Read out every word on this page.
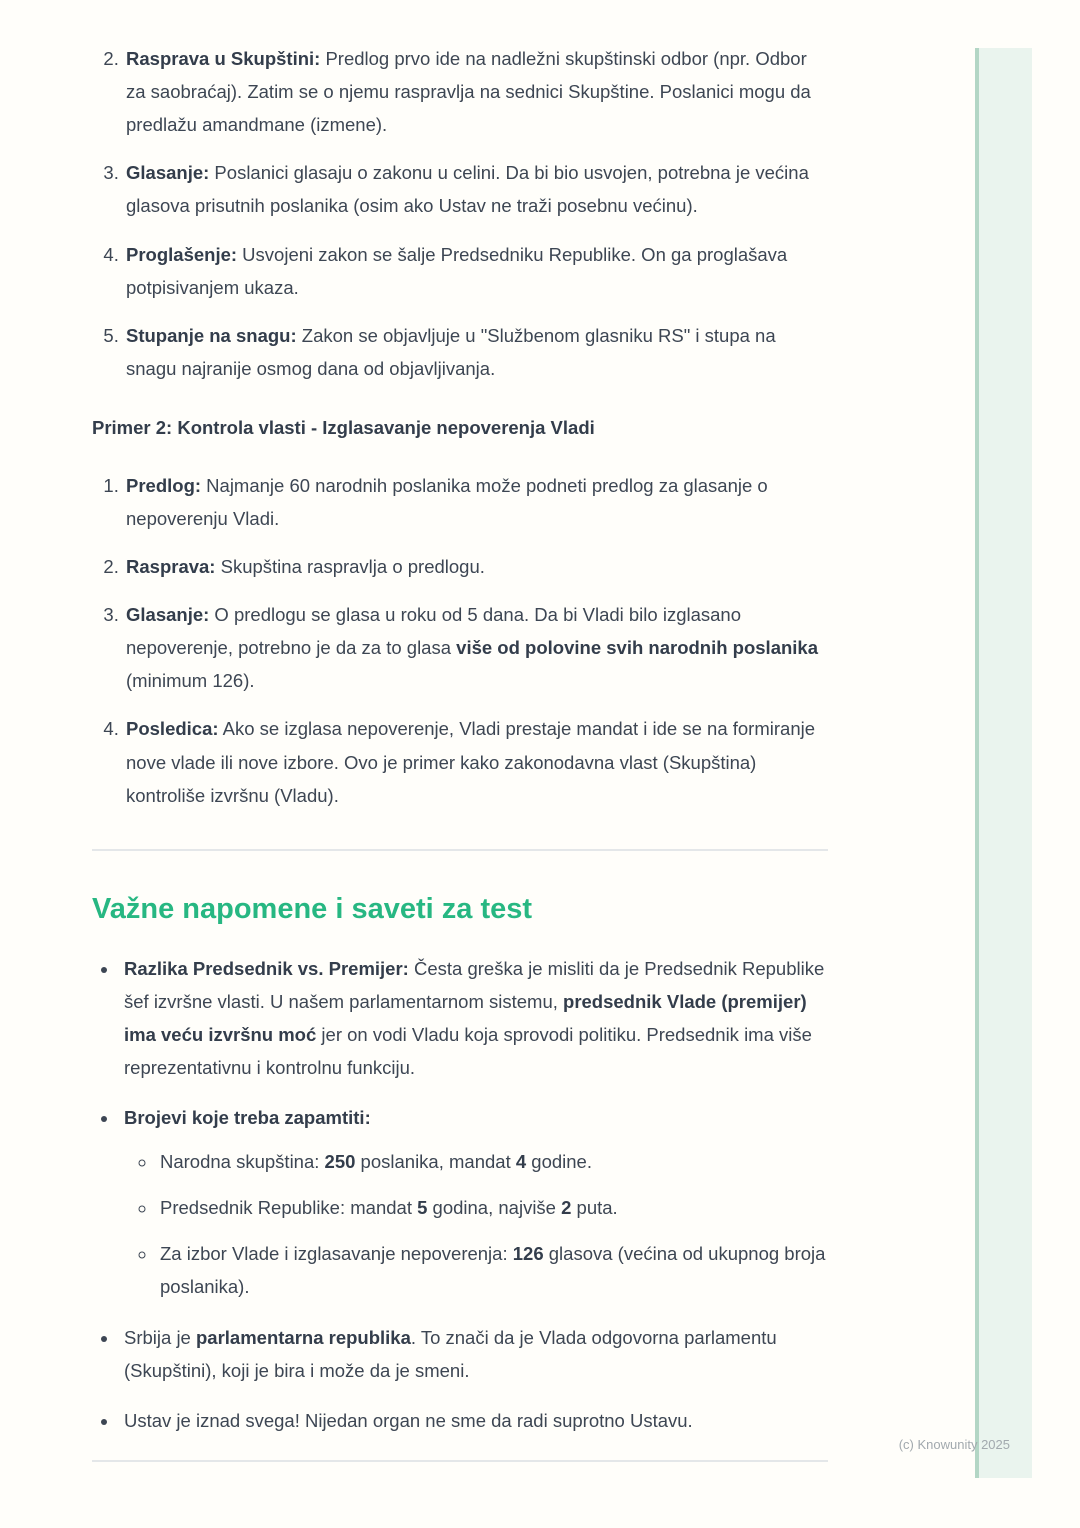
2. Rasprava u Skupštini: Predlog prvo ide na nadležni skupštinski odbor (npr. Odbor za saobraćaj). Zatim se o njemu raspravlja na sednici Skupštine. Poslanici mogu da predlažu amandmane (izmene).
3. Glasanje: Poslanici glasaju o zakonu u celini. Da bi bio usvojen, potrebna je većina glasova prisutnih poslanika (osim ako Ustav ne traži posebnu većinu).
4. Proglašenje: Usvojeni zakon se šalje Predsedniku Republike. On ga proglašava potpisivanjem ukaza.
5. Stupanje na snagu: Zakon se objavljuje u "Službenom glasniku RS" i stupa na snagu najranije osmog dana od objavljivanja.
Primer 2: Kontrola vlasti - Izglasavanje nepoverenja Vladi
1. Predlog: Najmanje 60 narodnih poslanika može podneti predlog za glasanje o nepoverenju Vladi.
2. Rasprava: Skupština raspravlja o predlogu.
3. Glasanje: O predlogu se glasa u roku od 5 dana. Da bi Vladi bilo izglasano nepoverenje, potrebno je da za to glasa više od polovine svih narodnih poslanika (minimum 126).
4. Posledica: Ako se izglasa nepoverenje, Vladi prestaje mandat i ide se na formiranje nove vlade ili nove izbore. Ovo je primer kako zakonodavna vlast (Skupština) kontroliše izvršnu (Vladu).
Važne napomene i saveti za test
• Razlika Predsednik vs. Premijer: Česta greška je misliti da je Predsednik Republike šef izvršne vlasti. U našem parlamentarnom sistemu, predsednik Vlade (premijer) ima veću izvršnu moć jer on vodi Vladu koja sprovodi politiku. Predsednik ima više reprezentativnu i kontrolnu funkciju.
• Brojevi koje treba zapamtiti:
◦ Narodna skupština: 250 poslanika, mandat 4 godine.
◦ Predsednik Republike: mandat 5 godina, najviše 2 puta.
◦ Za izbor Vlade i izglasavanje nepoverenja: 126 glasova (većina od ukupnog broja poslanika).
• Srbija je parlamentarna republika. To znači da je Vlada odgovorna parlamentu (Skupštini), koji je bira i može da je smeni.
• Ustav je iznad svega! Nijedan organ ne sme da radi suprotno Ustavu.
(c) Knowunity 2025
